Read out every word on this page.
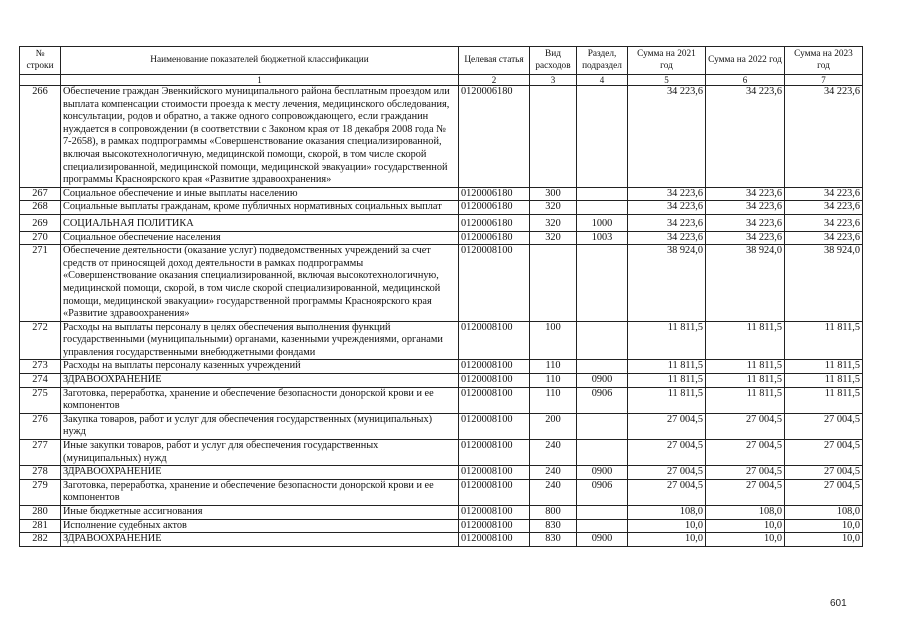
№ строки	Наименование показателей бюджетной классификации	Целевая статья	Вид расходов	Раздел, подраздел	Сумма на 2021 год	Сумма на 2022 год	Сумма на 2023 год
	1	2	3	4	5	6	7
266	Обеспечение граждан Эвенкийского муниципального района бесплатным проездом или выплата компенсации стоимости проезда к месту лечения, медицинского обследования, консультации, родов и обратно, а также одного сопровождающего, если гражданин нуждается в сопровождении (в соответствии с Законом края от 18 декабря 2008 года № 7-2658), в рамках подпрограммы «Совершенствование оказания специализированной, включая высокотехнологичную, медицинской помощи, скорой, в том числе скорой специализированной, медицинской помощи, медицинской эвакуации» государственной программы Красноярского края «Развитие здравоохранения»	0120006180			34 223,6	34 223,6	34 223,6
267	Социальное обеспечение и иные выплаты населению	0120006180	300		34 223,6	34 223,6	34 223,6
268	Социальные выплаты гражданам, кроме публичных нормативных социальных выплат	0120006180	320		34 223,6	34 223,6	34 223,6
269	СОЦИАЛЬНАЯ ПОЛИТИКА	0120006180	320	1000	34 223,6	34 223,6	34 223,6
270	Социальное обеспечение населения	0120006180	320	1003	34 223,6	34 223,6	34 223,6
271	Обеспечение деятельности (оказание услуг) подведомственных учреждений за счет средств от приносящей доход деятельности в рамках подпрограммы «Совершенствование оказания специализированной, включая высокотехнологичную, медицинской помощи, скорой, в том числе скорой специализированной, медицинской помощи, медицинской эвакуации» государственной программы Красноярского края «Развитие здравоохранения»	0120008100			38 924,0	38 924,0	38 924,0
272	Расходы на выплаты персоналу в целях обеспечения выполнения функций государственными (муниципальными) органами, казенными учреждениями, органами управления государственными внебюджетными фондами	0120008100	100		11 811,5	11 811,5	11 811,5
273	Расходы на выплаты персоналу казенных учреждений	0120008100	110		11 811,5	11 811,5	11 811,5
274	ЗДРАВООХРАНЕНИЕ	0120008100	110	0900	11 811,5	11 811,5	11 811,5
275	Заготовка, переработка, хранение и обеспечение безопасности донорской крови и ее компонентов	0120008100	110	0906	11 811,5	11 811,5	11 811,5
276	Закупка товаров, работ и услуг для обеспечения государственных (муниципальных) нужд	0120008100	200		27 004,5	27 004,5	27 004,5
277	Иные закупки товаров, работ и услуг для обеспечения государственных (муниципальных) нужд	0120008100	240		27 004,5	27 004,5	27 004,5
278	ЗДРАВООХРАНЕНИЕ	0120008100	240	0900	27 004,5	27 004,5	27 004,5
279	Заготовка, переработка, хранение и обеспечение безопасности донорской крови и ее компонентов	0120008100	240	0906	27 004,5	27 004,5	27 004,5
280	Иные бюджетные ассигнования	0120008100	800		108,0	108,0	108,0
281	Исполнение судебных актов	0120008100	830		10,0	10,0	10,0
282	ЗДРАВООХРАНЕНИЕ	0120008100	830	0900	10,0	10,0	10,0
601
